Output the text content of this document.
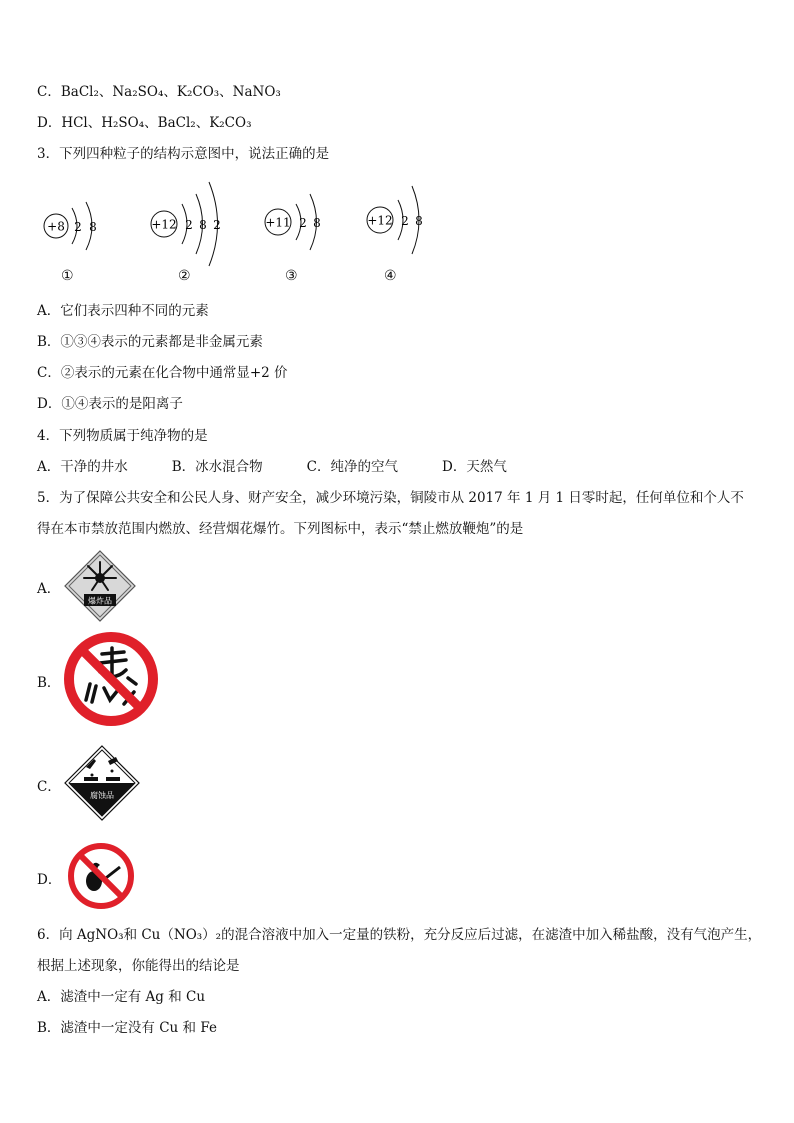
C．BaCl₂、Na₂SO₄、K₂CO₃、NaNO₃
D．HCl、H₂SO₄、BaCl₂、K₂CO₃
3．下列四种粒子的结构示意图中，说法正确的是
+8 2 8	+12 2 8 2	+11 2 8	+12 2 8
①	②	③	④
A．它们表示四种不同的元素
B．①③④表示的元素都是非金属元素
C．②表示的元素在化合物中通常显+2 价
D．①④表示的是阳离子
4．下列物质属于纯净物的是
A．干净的井水	B．冰水混合物	C．纯净的空气	D．天然气
5．为了保障公共安全和公民人身、财产安全，减少环境污染，铜陵市从 2017 年 1 月 1 日零时起，任何单位和个人不
得在本市禁放范围内燃放、经营烟花爆竹。下列图标中，表示“禁止燃放鞭炮”的是
A．
爆炸品
B．
C．
腐蚀品
D．
6．向 AgNO₃和 Cu（NO₃）₂的混合溶液中加入一定量的铁粉，充分反应后过滤，在滤渣中加入稀盐酸，没有气泡产生，
根据上述现象，你能得出的结论是
A．滤渣中一定有 Ag 和 Cu
B．滤渣中一定没有 Cu 和 Fe
